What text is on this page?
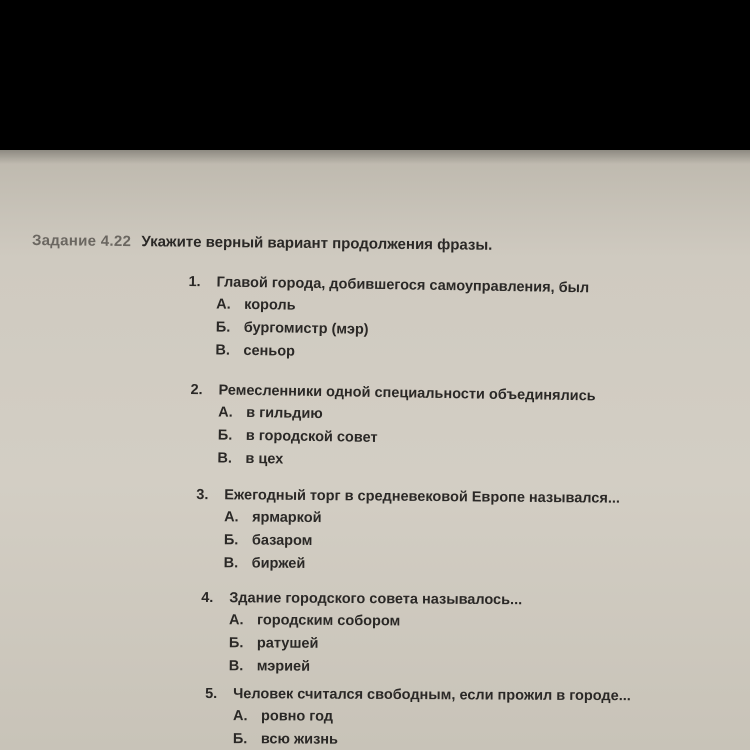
Задание 4.22 Укажите верный вариант продолжения фразы.
1. Главой города, добившегося самоуправления, был
А. король
Б. бургомистр (мэр)
В. сеньор
2. Ремесленники одной специальности объединялись
А. в гильдию
Б. в городской совет
В. в цех
3. Ежегодный торг в средневековой Европе назывался...
А. ярмаркой
Б. базаром
В. биржей
4. Здание городского совета называлось...
А. городским собором
Б. ратушей
В. мэрией
5. Человек считался свободным, если прожил в городе...
А. ровно год
Б. всю жизнь
